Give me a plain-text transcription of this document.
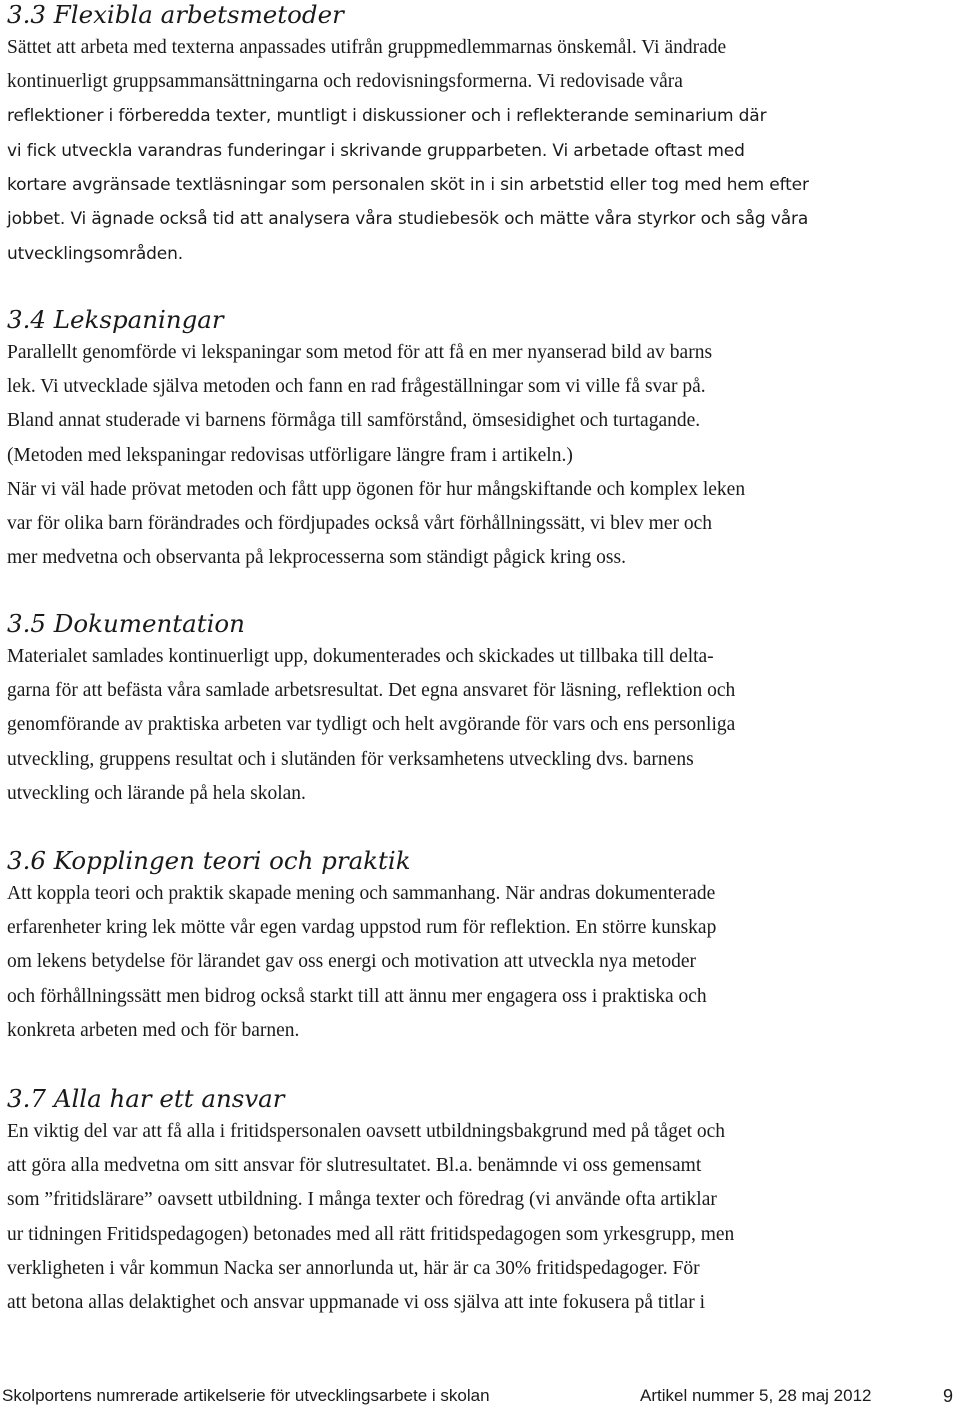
3.3 Flexibla arbetsmetoder

Sättet att arbeta med texterna anpassades utifrån gruppmedlemmarnas önskemål. Vi ändrade
kontinuerligt gruppsammansättningarna och redovisningsformerna. Vi redovisade våra

reflektioner i förberedda texter, muntligt i diskussioner och i reflekterande seminarium där
vi fick utveckla varandras funderingar i skrivande grupparbeten. Vi arbetade oftast med
kortare avgränsade textläsningar som personalen sköt in i sin arbetstid eller tog med hem efter
jobbet. Vi ägnade också tid att analysera våra studiebesök och mätte våra styrkor och såg våra
utvecklingsområden.

3.4 Lekspaningar

Parallellt genomförde vi lekspaningar som metod för att få en mer nyanserad bild av barns
lek. Vi utvecklade själva metoden och fann en rad frågeställningar som vi ville få svar på.
Bland annat studerade vi barnens förmåga till samförstånd, ömsesidighet och turtagande.
(Metoden med lekspaningar redovisas utförligare längre fram i artikeln.)
När vi väl hade prövat metoden och fått upp ögonen för hur mångskiftande och komplex leken
var för olika barn förändrades och fördjupades också vårt förhållningssätt, vi blev mer och
mer medvetna och observanta på lekprocesserna som ständigt pågick kring oss.

3.5 Dokumentation

Materialet samlades kontinuerligt upp, dokumenterades och skickades ut tillbaka till delta-
garna för att befästa våra samlade arbetsresultat. Det egna ansvaret för läsning, reflektion och
genomförande av praktiska arbeten var tydligt och helt avgörande för vars och ens personliga
utveckling, gruppens resultat och i slutänden för verksamhetens utveckling dvs. barnens
utveckling och lärande på hela skolan.

3.6 Kopplingen teori och praktik

Att koppla teori och praktik skapade mening och sammanhang. När andras dokumenterade
erfarenheter kring lek mötte vår egen vardag uppstod rum för reflektion. En större kunskap
om lekens betydelse för lärandet gav oss energi och motivation att utveckla nya metoder
och förhållningssätt men bidrog också starkt till att ännu mer engagera oss i praktiska och
konkreta arbeten med och för barnen.

3.7 Alla har ett ansvar

En viktig del var att få alla i fritidspersonalen oavsett utbildningsbakgrund med på tåget och
att göra alla medvetna om sitt ansvar för slutresultatet. Bl.a. benämnde vi oss gemensamt
som ”fritidslärare” oavsett utbildning. I många texter och föredrag (vi använde ofta artiklar
ur tidningen Fritidspedagogen) betonades med all rätt fritidspedagogen som yrkesgrupp, men
verkligheten i vår kommun Nacka ser annorlunda ut, här är ca 30% fritidspedagoger. För
att betona allas delaktighet och ansvar uppmanade vi oss själva att inte fokusera på titlar i

Skolportens numrerade artikelserie för utvecklingsarbete i skolan	Artikel nummer 5, 28 maj 2012	9
